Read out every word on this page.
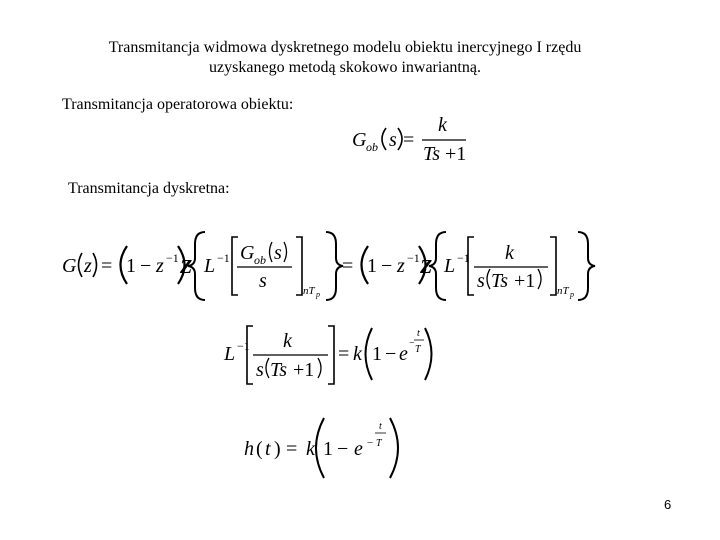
Transmitancja widmowa dyskretnego modelu obiektu inercyjnego I rzędu
uzyskanego metodą skokowo inwariantną.
Transmitancja operatorowa obiektu:
Transmitancja dyskretna:
G ob s =
k
Ts +1
G z = 1 − z −1 Z L −1 G ob s
s	nT p
= 1 − z −1 Z L −1 k
s Ts +1 nT p
L −1 k
s Ts +1
= k 1 − e −
t
T
h ( t ) = k 1 − e −
t
T
6
